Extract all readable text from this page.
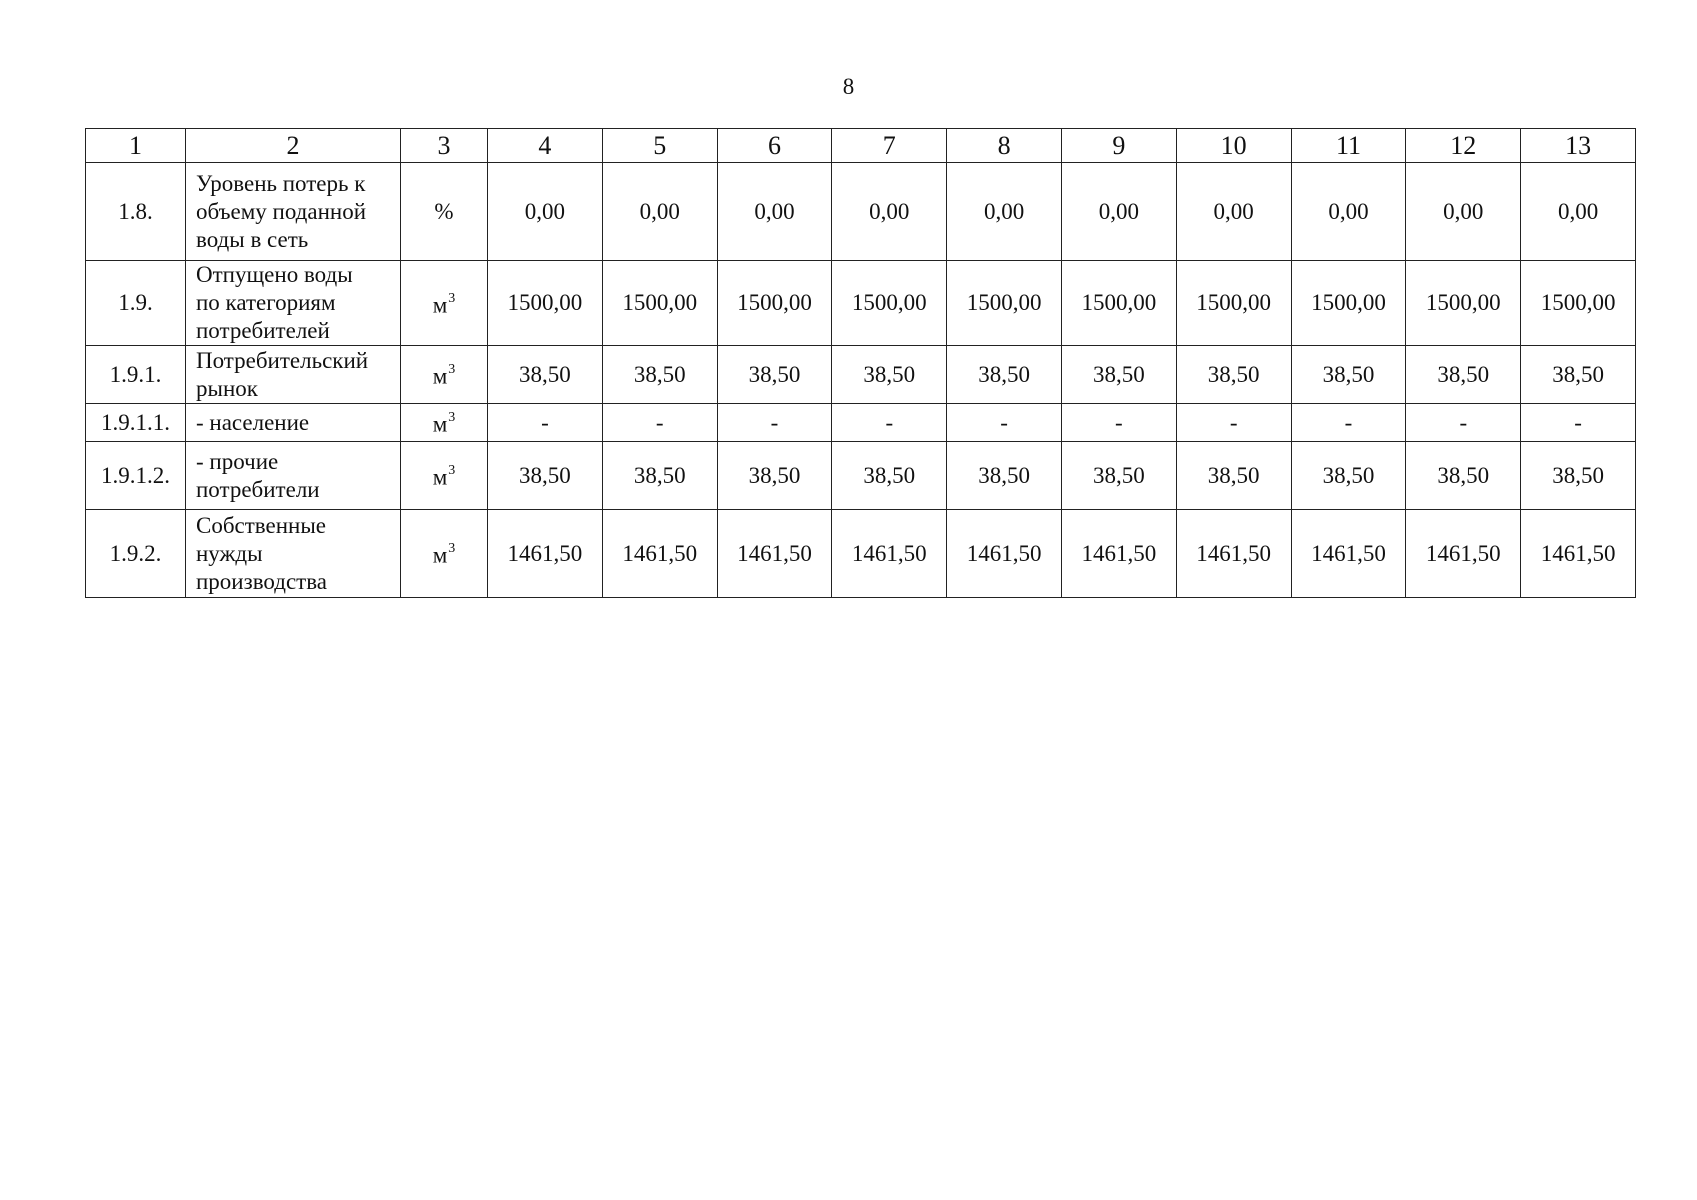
8
1	2	3	4	5	6	7	8	9	10	11	12	13
1.8.	Уровень потерь к
объему поданной
воды в сеть	%	0,00	0,00	0,00	0,00	0,00	0,00	0,00	0,00	0,00	0,00
1.9.	Отпущено воды
по категориям
потребителей	$м^3$	1500,00	1500,00	1500,00	1500,00	1500,00	1500,00	1500,00	1500,00	1500,00	1500,00
1.9.1.	Потребительский
рынок	$м^3$	38,50	38,50	38,50	38,50	38,50	38,50	38,50	38,50	38,50	38,50
1.9.1.1.	- население	$м^3$	-	-	-	-	-	-	-	-	-	-
1.9.1.2.	- прочие
потребители	$м^3$	38,50	38,50	38,50	38,50	38,50	38,50	38,50	38,50	38,50	38,50
1.9.2.	Собственные
нужды
производства	$м^3$	1461,50	1461,50	1461,50	1461,50	1461,50	1461,50	1461,50	1461,50	1461,50	1461,50
